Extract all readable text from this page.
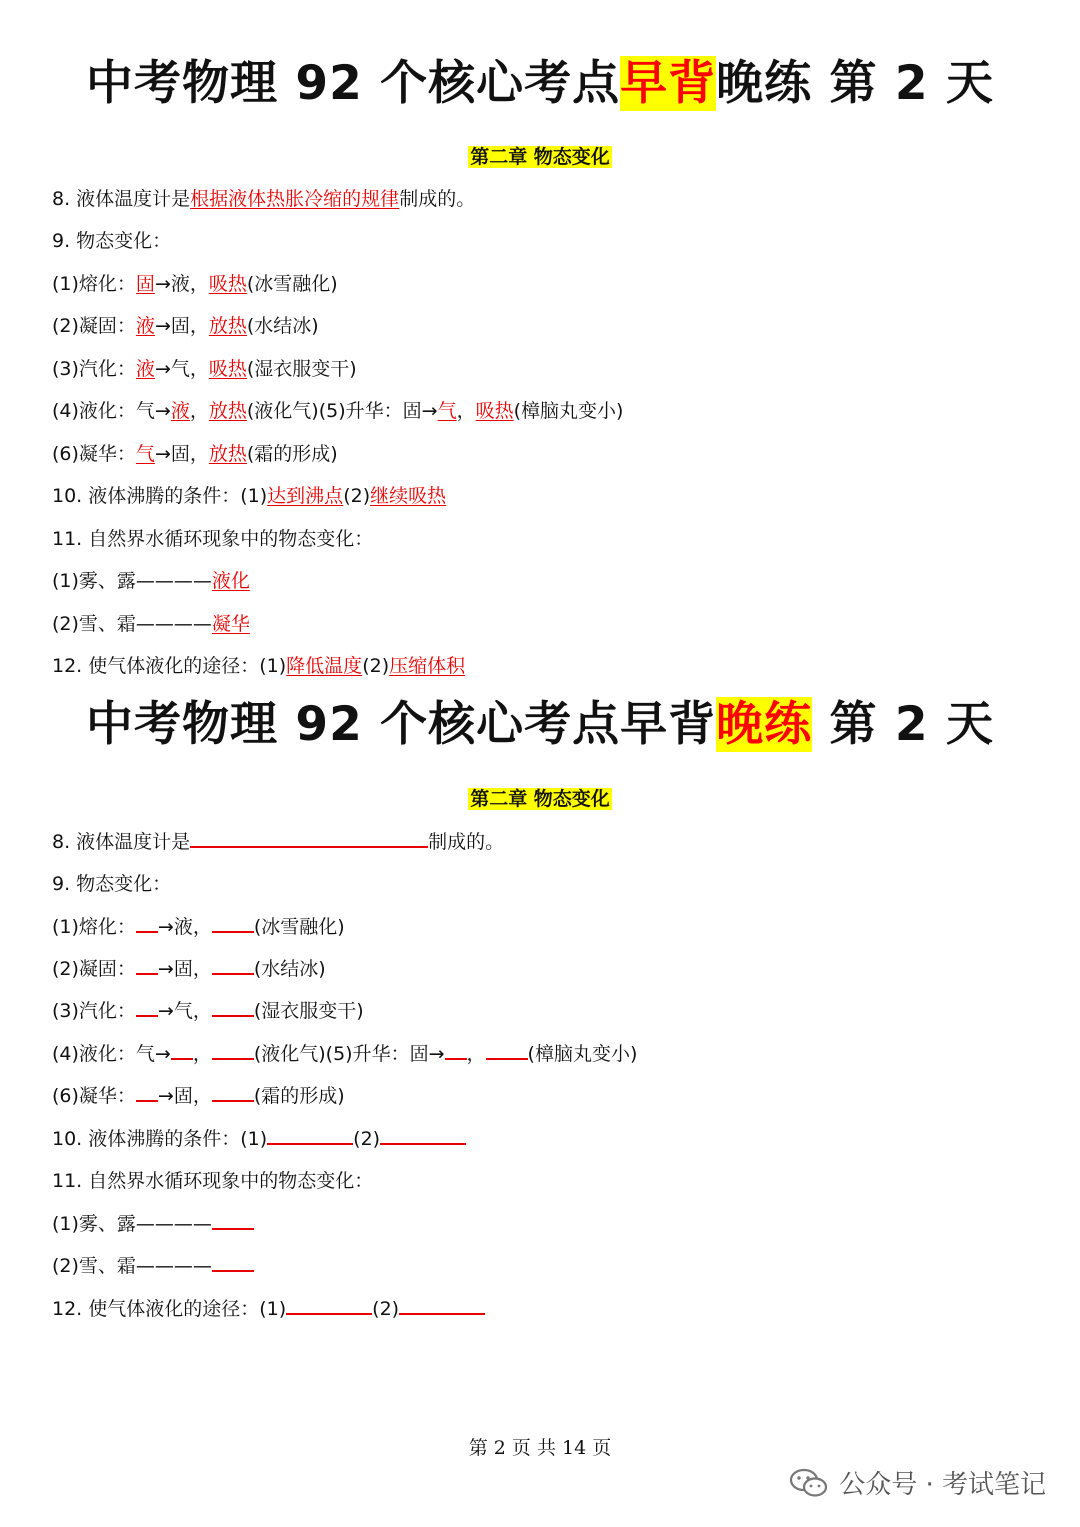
中考物理 92 个核心考点早背晚练 第 2 天
第二章 物态变化
8. 液体温度计是根据液体热胀冷缩的规律制成的。
9. 物态变化：
(1)熔化：固→液，吸热(冰雪融化)
(2)凝固：液→固，放热(水结冰)
(3)汽化：液→气，吸热(湿衣服变干)
(4)液化：气→液，放热(液化气)(5)升华：固→气，吸热(樟脑丸变小)
(6)凝华：气→固，放热(霜的形成)
10. 液体沸腾的条件：(1)达到沸点(2)继续吸热
11. 自然界水循环现象中的物态变化：
(1)雾、露————液化
(2)雪、霜————凝华
12. 使气体液化的途径：(1)降低温度(2)压缩体积
中考物理 92 个核心考点早背晚练 第 2 天
第二章 物态变化
8. 液体温度计是	制成的。
9. 物态变化：
(1)熔化： →液， (冰雪融化)
(2)凝固： →固， (水结冰)
(3)汽化： →气， (湿衣服变干)
(4)液化：气→ ， (液化气)(5)升华：固→ ， (樟脑丸变小)
(6)凝华： →固， (霜的形成)
10. 液体沸腾的条件：(1)	(2)
11. 自然界水循环现象中的物态变化：
(1)雾、露————
(2)雪、霜————
12. 使气体液化的途径：(1)	(2)
第 2 页 共 14 页
公众号 · 考试笔记
